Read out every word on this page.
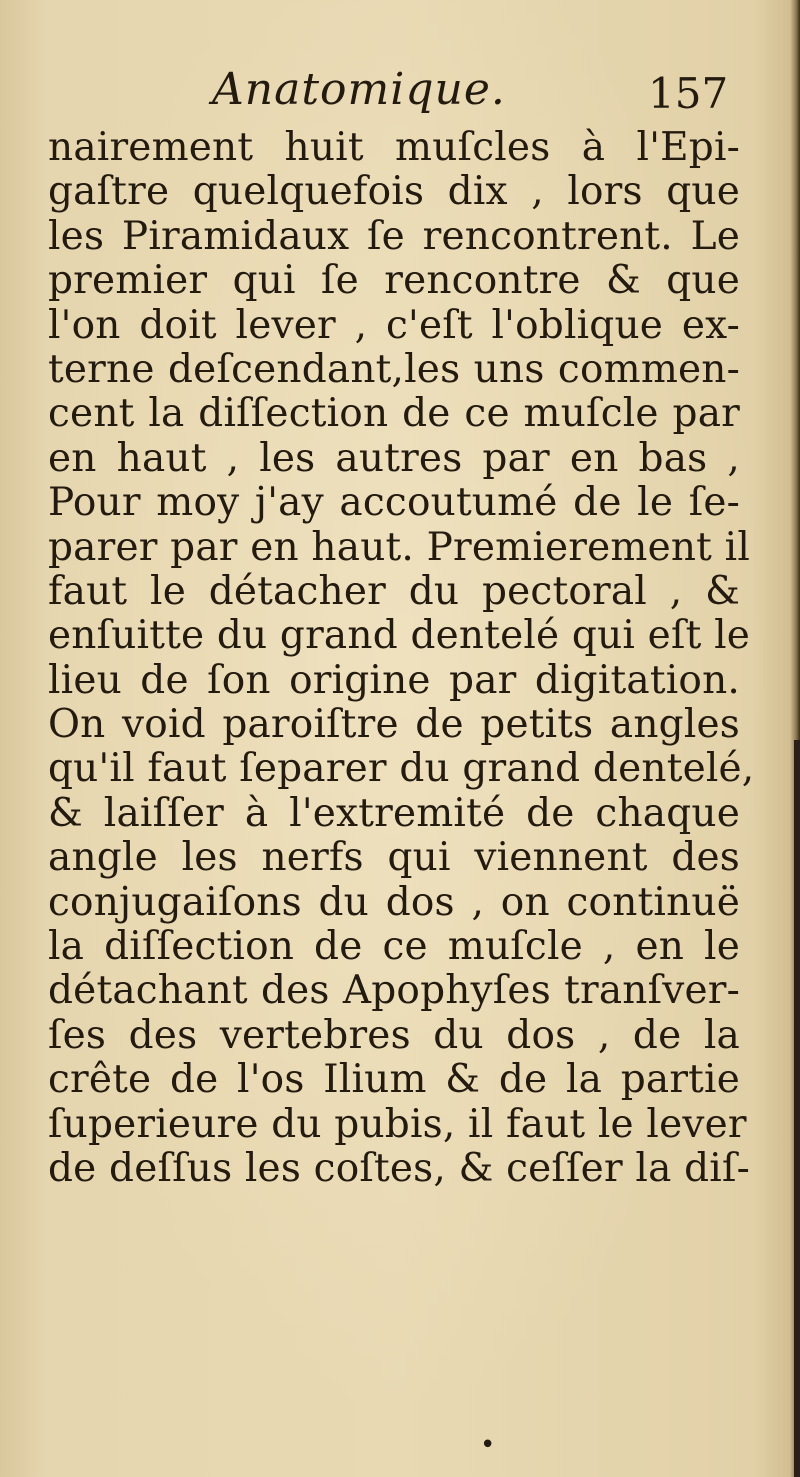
Anatomique.	157
nairement huit muſcles à l'Epi-
gaſtre quelquefois dix , lors que
les Piramidaux ſe rencontrent. Le
premier qui ſe rencontre & que
l'on doit lever , c'eſt l'oblique ex-
terne deſcendant,les uns commen-
cent la diſſection de ce muſcle par
en haut , les autres par en bas ,
Pour moy j'ay accoutumé de le ſe-
parer par en haut. Premierement il
faut le détacher du pectoral , &
enſuitte du grand dentelé qui eſt le
lieu de ſon origine par digitation.
On void paroiſtre de petits angles
qu'il faut ſeparer du grand dentelé,
& laiſſer à l'extremité de chaque
angle les nerfs qui viennent des
conjugaiſons du dos , on continuë
la diſſection de ce muſcle , en le
détachant des Apophyſes tranſver-
ſes des vertebres du dos , de la
crête de l'os Ilium & de la partie
ſuperieure du pubis, il faut le lever
de deſſus les coſtes, & ceſſer la diſ-
•
